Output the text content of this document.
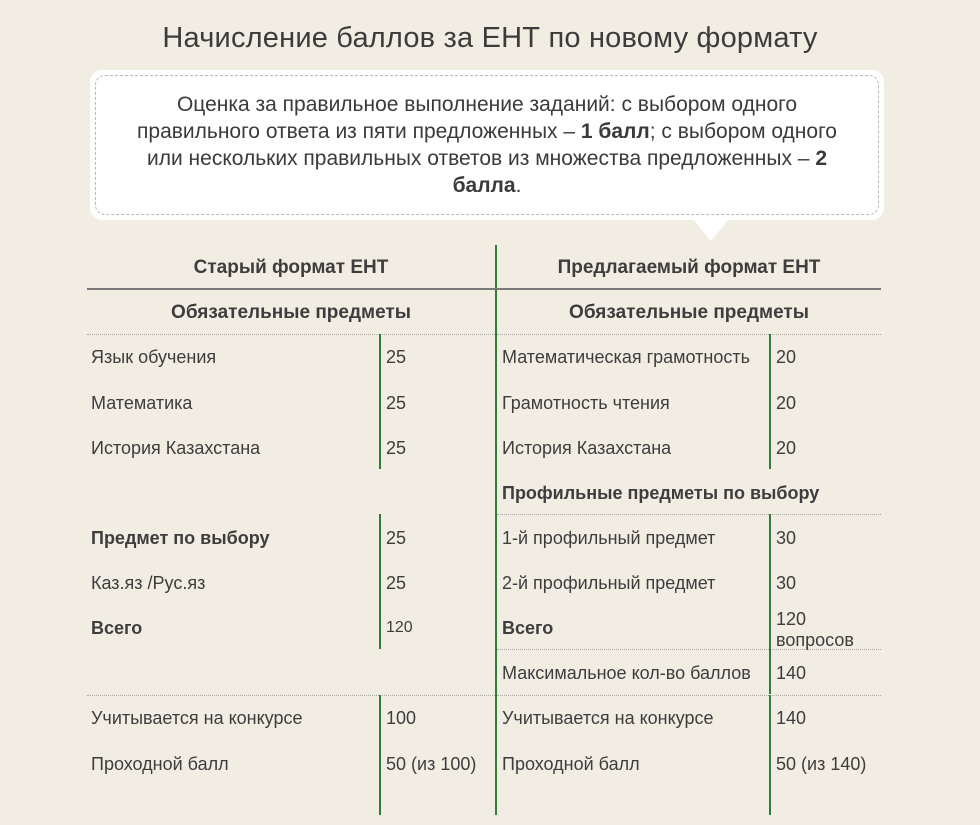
Начисление баллов за ЕНТ по новому формату
Оценка за правильное выполнение заданий: с выбором одного правильного ответа из пяти предложенных – 1 балл; с выбором одного или нескольких правильных ответов из множества предложенных – 2 балла.
Старый формат ЕНТ	Предлагаемый формат ЕНТ
Обязательные предметы	Обязательные предметы
Язык обучения	25
Математика	25
История Казахстана	25
Предмет по выбору	25
Каз.яз /Рус.яз	25
Всего	120
Учитывается на конкурсе	100
Проходной балл	50 (из 100)
Математическая грамотность 20
Грамотность чтения	20
История Казахстана	20
Профильные предметы по выбору
1-й профильный предмет	30
2-й профильный предмет	30
Всего	120
вопросов
Максимальное кол-во баллов 140
Учитывается на конкурсе	140
Проходной балл	50 (из 140)
